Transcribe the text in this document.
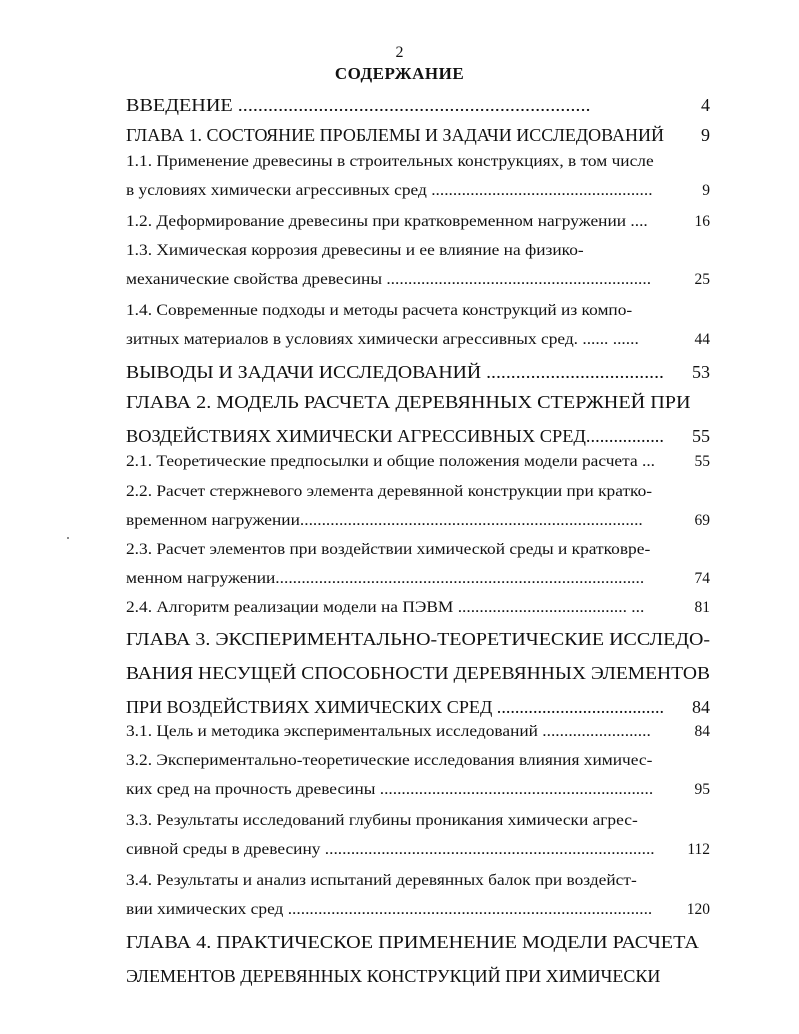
2
СОДЕРЖАНИЕ
ВВЕДЕНИЕ ......................................................................	4
ГЛАВА 1. СОСТОЯНИЕ ПРОБЛЕМЫ И ЗАДАЧИ ИССЛЕДОВАНИЙ	9
1.1. Применение древесины в строительных конструкциях, в том числе
в условиях химически агрессивных сред ...................................................	9
1.2. Деформирование древесины при кратковременном нагружении ....	16
1.3. Химическая коррозия древесины и ее влияние на физико-
механические свойства древесины .............................................................	25
1.4. Современные подходы и методы расчета конструкций из компо-
зитных материалов в условиях химически агрессивных сред. ...... ......	44
ВЫВОДЫ И ЗАДАЧИ ИССЛЕДОВАНИЙ ....................................	53
ГЛАВА 2. МОДЕЛЬ РАСЧЕТА ДЕРЕВЯННЫХ СТЕРЖНЕЙ ПРИ
ВОЗДЕЙСТВИЯХ ХИМИЧЕСКИ АГРЕССИВНЫХ СРЕД.................	55
2.1. Теоретические предпосылки и общие положения модели расчета ...	55
2.2. Расчет стержневого элемента деревянной конструкции при кратко-
временном нагружении...............................................................................	69
2.3. Расчет элементов при воздействии химической среды и кратковре-
менном нагружении.....................................................................................	74
2.4. Алгоритм реализации модели на ПЭВМ ....................................... ...	81
ГЛАВА 3. ЭКСПЕРИМЕНТАЛЬНО-ТЕОРЕТИЧЕСКИЕ ИССЛЕДО-
ВАНИЯ НЕСУЩЕЙ СПОСОБНОСТИ ДЕРЕВЯННЫХ ЭЛЕМЕНТОВ
ПРИ ВОЗДЕЙСТВИЯХ ХИМИЧЕСКИХ СРЕД .....................................	84
3.1. Цель и методика экспериментальных исследований .........................	84
3.2. Экспериментально-теоретические исследования влияния химичес-
ких сред на прочность древесины ...............................................................	95
3.3. Результаты исследований глубины проникания химически агрес-
сивной среды в древесину ............................................................................	112
3.4. Результаты и анализ испытаний деревянных балок при воздейст-
вии химических сред ....................................................................................	120
ГЛАВА 4. ПРАКТИЧЕСКОЕ ПРИМЕНЕНИЕ МОДЕЛИ РАСЧЕТА
ЭЛЕМЕНТОВ ДЕРЕВЯННЫХ КОНСТРУКЦИЙ ПРИ ХИМИЧЕСКИ
